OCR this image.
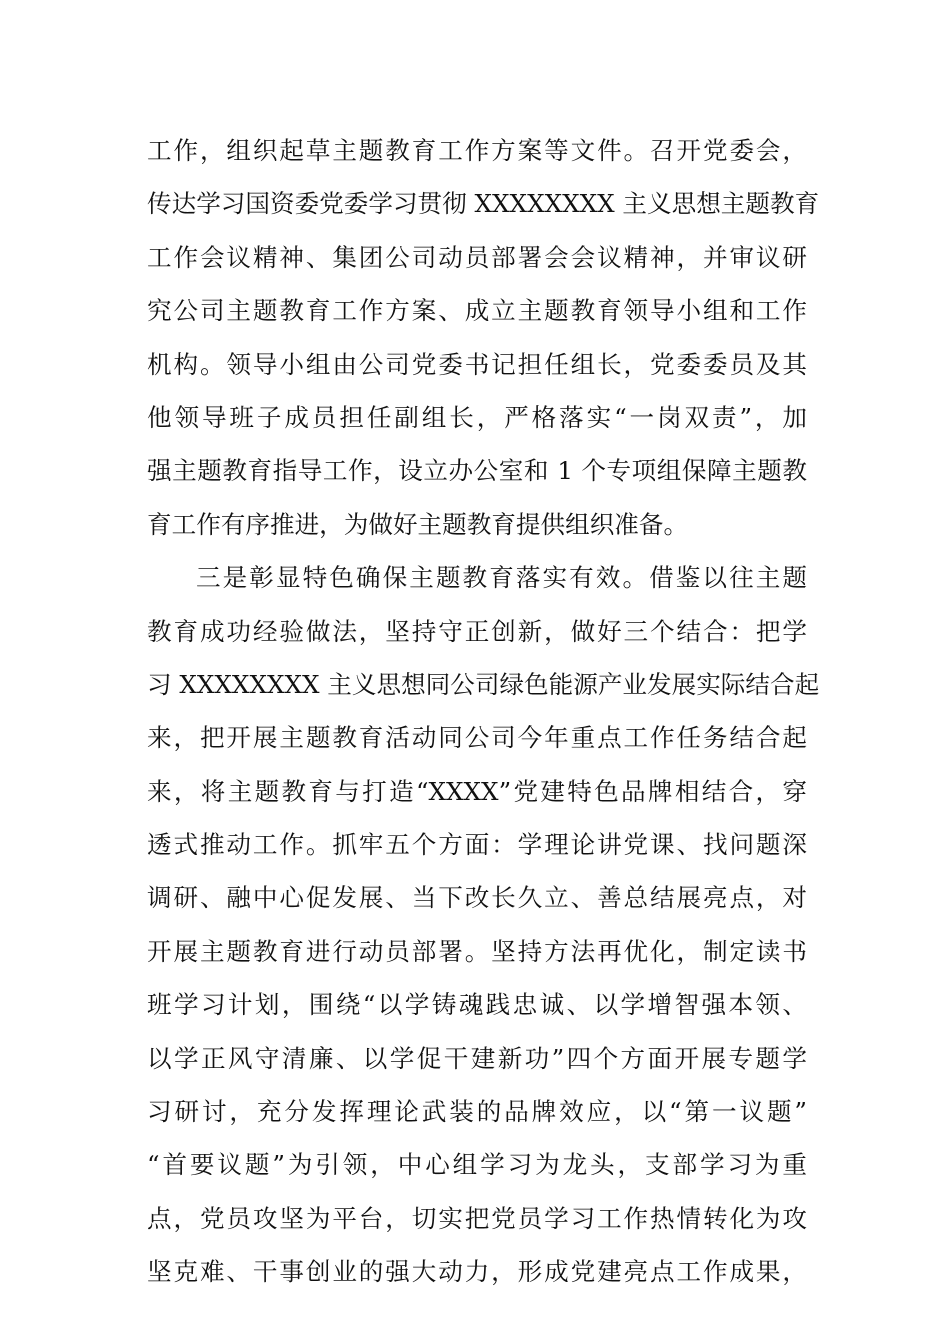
工作，组织起草主题教育工作方案等文件。召开党委会，
传达学习国资委党委学习贯彻 XXXXXXXX 主义思想主题教育
工作会议精神、集团公司动员部署会会议精神，并审议研
究公司主题教育工作方案、成立主题教育领导小组和工作
机构。领导小组由公司党委书记担任组长，党委委员及其
他领导班子成员担任副组长，严格落实“一岗双责”，加
强主题教育指导工作，设立办公室和 1 个专项组保障主题教
育工作有序推进，为做好主题教育提供组织准备。
三是彰显特色确保主题教育落实有效。借鉴以往主题
教育成功经验做法，坚持守正创新，做好三个结合：把学
习 XXXXXXXX 主义思想同公司绿色能源产业发展实际结合起
来，把开展主题教育活动同公司今年重点工作任务结合起
来，将主题教育与打造“XXXX”党建特色品牌相结合，穿
透式推动工作。抓牢五个方面：学理论讲党课、找问题深
调研、融中心促发展、当下改长久立、善总结展亮点，对
开展主题教育进行动员部署。坚持方法再优化，制定读书
班学习计划，围绕“以学铸魂践忠诚、以学增智强本领、
以学正风守清廉、以学促干建新功”四个方面开展专题学
习研讨，充分发挥理论武装的品牌效应，以“第一议题”
“首要议题”为引领，中心组学习为龙头，支部学习为重
点，党员攻坚为平台，切实把党员学习工作热情转化为攻
坚克难、干事创业的强大动力，形成党建亮点工作成果，
